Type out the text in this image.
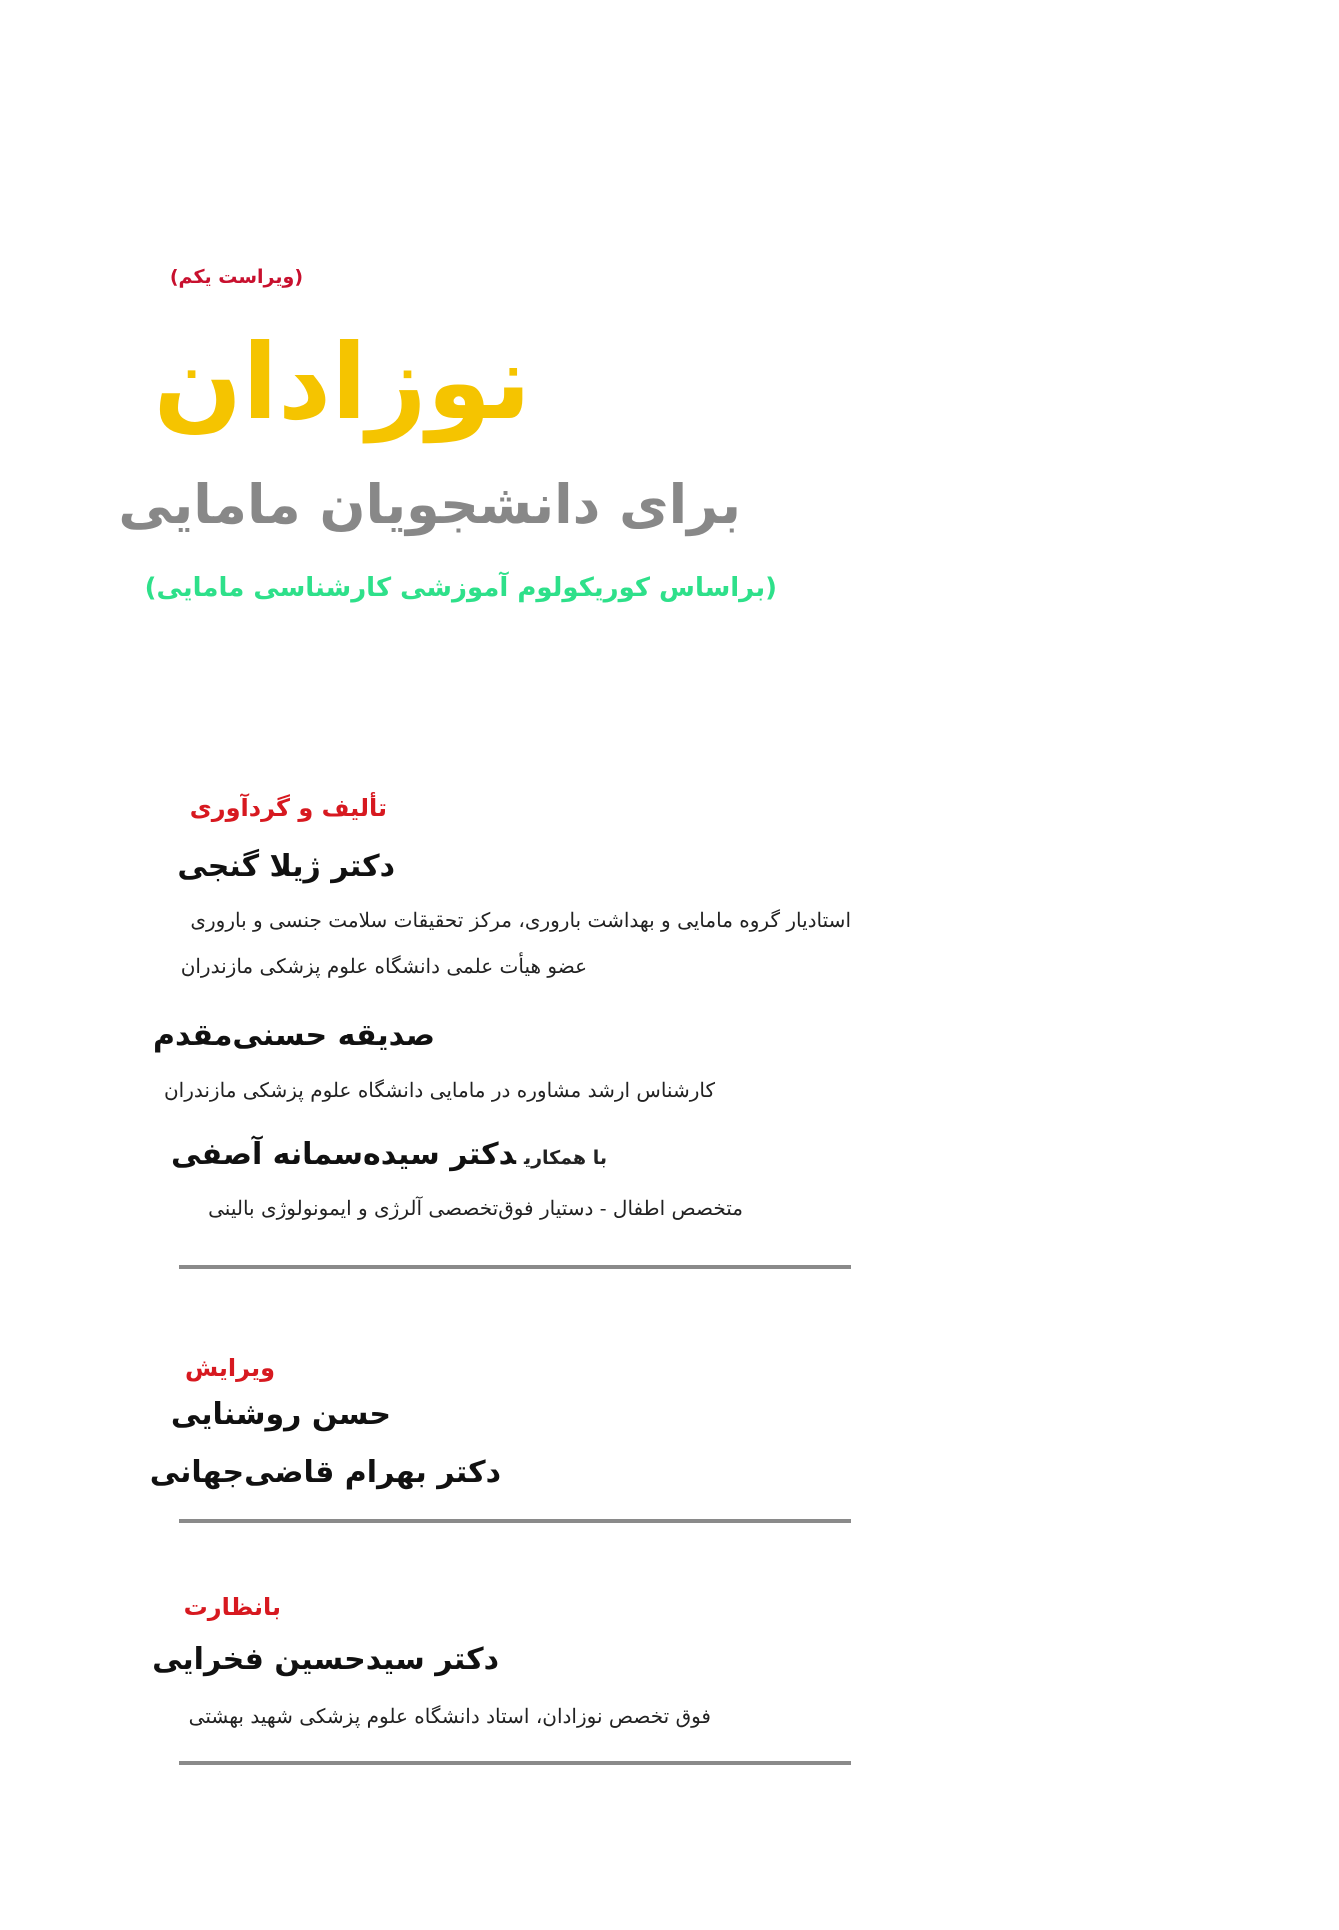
(ویراست یکم)
نوزادان
برای دانشجویان مامایی
(براساس کوریکولوم آموزشی کارشناسی مامایی)
تألیف و گردآوری
دکتر ژیلا گنجی
استادیار گروه مامایی و بهداشت باروری، مرکز تحقیقات سلامت جنسی و باروری
عضو هیأت علمی دانشگاه علوم پزشکی مازندران
صدیقه حسنی‌مقدم
کارشناس ارشد مشاوره در مامایی دانشگاه علوم پزشکی مازندران
با همکاریدکتر سیده‌سمانه آصفی
متخصص اطفال - دستیار فوق‌تخصصی آلرژی و ایمونولوژی بالینی
ویرایش
حسن روشنایی
دکتر بهرام قاضی‌جهانی
بانظارت
دکتر سیدحسین فخرایی
فوق تخصص نوزادان، استاد دانشگاه علوم پزشکی شهید بهشتی
